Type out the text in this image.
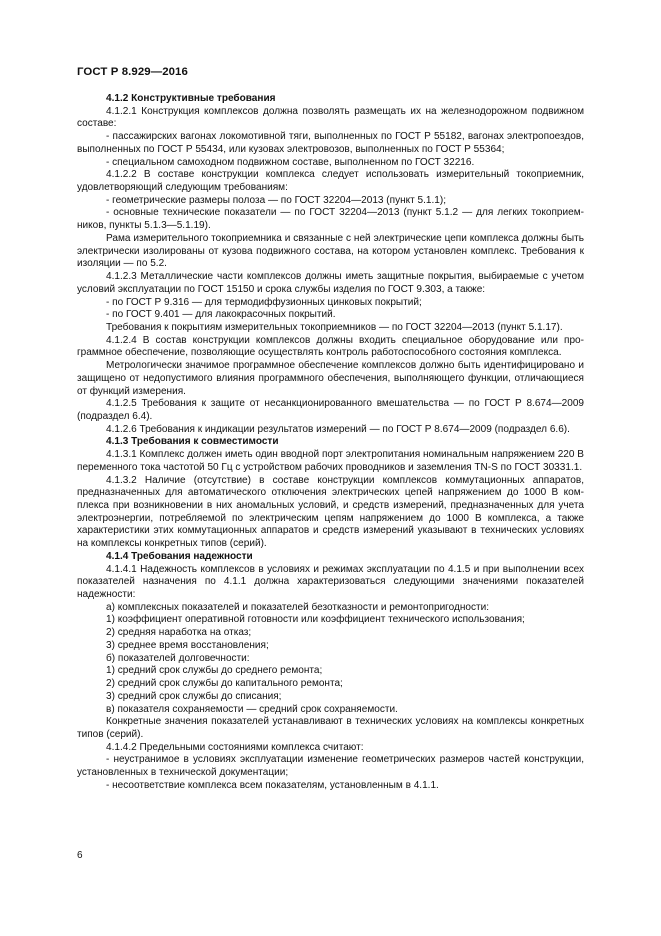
ГОСТ Р 8.929—2016

4.1.2 Конструктивные требования

4.1.2.1 Конструкция комплексов должна позволять размещать их на железнодорожном подвижном составе:

- пассажирских вагонах локомотивной тяги, выполненных по ГОСТ Р 55182, вагонах электропоездов, выполненных по ГОСТ Р 55434, или кузовах электровозов, выполненных по ГОСТ Р 55364;

- специальном самоходном подвижном составе, выполненном по ГОСТ 32216.

4.1.2.2 В составе конструкции комплекса следует использовать измерительный токоприемник, удовлетворяющий следующим требованиям:

- геометрические размеры полоза — по ГОСТ 32204—2013 (пункт 5.1.1);

- основные технические показатели — по ГОСТ 32204—2013 (пункт 5.1.2 — для легких токоприемников, пункты 5.1.3—5.1.19).

Рама измерительного токоприемника и связанные с ней электрические цепи комплекса должны быть электрически изолированы от кузова подвижного состава, на котором установлен комплекс. Требования к изоляции — по 5.2.

4.1.2.3 Металлические части комплексов должны иметь защитные покрытия, выбираемые с учетом условий эксплуатации по ГОСТ 15150 и срока службы изделия по ГОСТ 9.303, а также:

- по ГОСТ Р 9.316 — для термодиффузионных цинковых покрытий;

- по ГОСТ 9.401 — для лакокрасочных покрытий.

Требования к покрытиям измерительных токоприемников — по ГОСТ 32204—2013 (пункт 5.1.17).

4.1.2.4 В состав конструкции комплексов должны входить специальное оборудование или программное обеспечение, позволяющие осуществлять контроль работоспособного состояния комплекса.

Метрологически значимое программное обеспечение комплексов должно быть идентифицировано и защищено от недопустимого влияния программного обеспечения, выполняющего функции, отличающиеся от функций измерения.

4.1.2.5 Требования к защите от несанкционированного вмешательства — по ГОСТ Р 8.674—2009 (подраздел 6.4).

4.1.2.6 Требования к индикации результатов измерений — по ГОСТ Р 8.674—2009 (подраздел 6.6).

4.1.3 Требования к совместимости

4.1.3.1 Комплекс должен иметь один вводной порт электропитания номинальным напряжением 220 В переменного тока частотой 50 Гц с устройством рабочих проводников и заземления TN-S по ГОСТ 30331.1.

4.1.3.2 Наличие (отсутствие) в составе конструкции комплексов коммутационных аппаратов, предназначенных для автоматического отключения электрических цепей напряжением до 1000 В комплекса при возникновении в них аномальных условий, и средств измерений, предназначенных для учета электроэнергии, потребляемой по электрическим цепям напряжением до 1000 В комплекса, а также характеристики этих коммутационных аппаратов и средств измерений указывают в технических условиях на комплексы конкретных типов (серий).

4.1.4 Требования надежности

4.1.4.1 Надежность комплексов в условиях и режимах эксплуатации по 4.1.5 и при выполнении всех показателей назначения по 4.1.1 должна характеризоваться следующими значениями показателей надежности:

а) комплексных показателей и показателей безотказности и ремонтопригодности:

1) коэффициент оперативной готовности или коэффициент технического использования;

2) средняя наработка на отказ;

3) среднее время восстановления;

б) показателей долговечности:

1) средний срок службы до среднего ремонта;

2) средний срок службы до капитального ремонта;

3) средний срок службы до списания;

в) показателя сохраняемости — средний срок сохраняемости.

Конкретные значения показателей устанавливают в технических условиях на комплексы конкретных типов (серий).

4.1.4.2 Предельными состояниями комплекса считают:

- неустранимое в условиях эксплуатации изменение геометрических размеров частей конструкции, установленных в технической документации;

- несоответствие комплекса всем показателям, установленным в 4.1.1.

6
